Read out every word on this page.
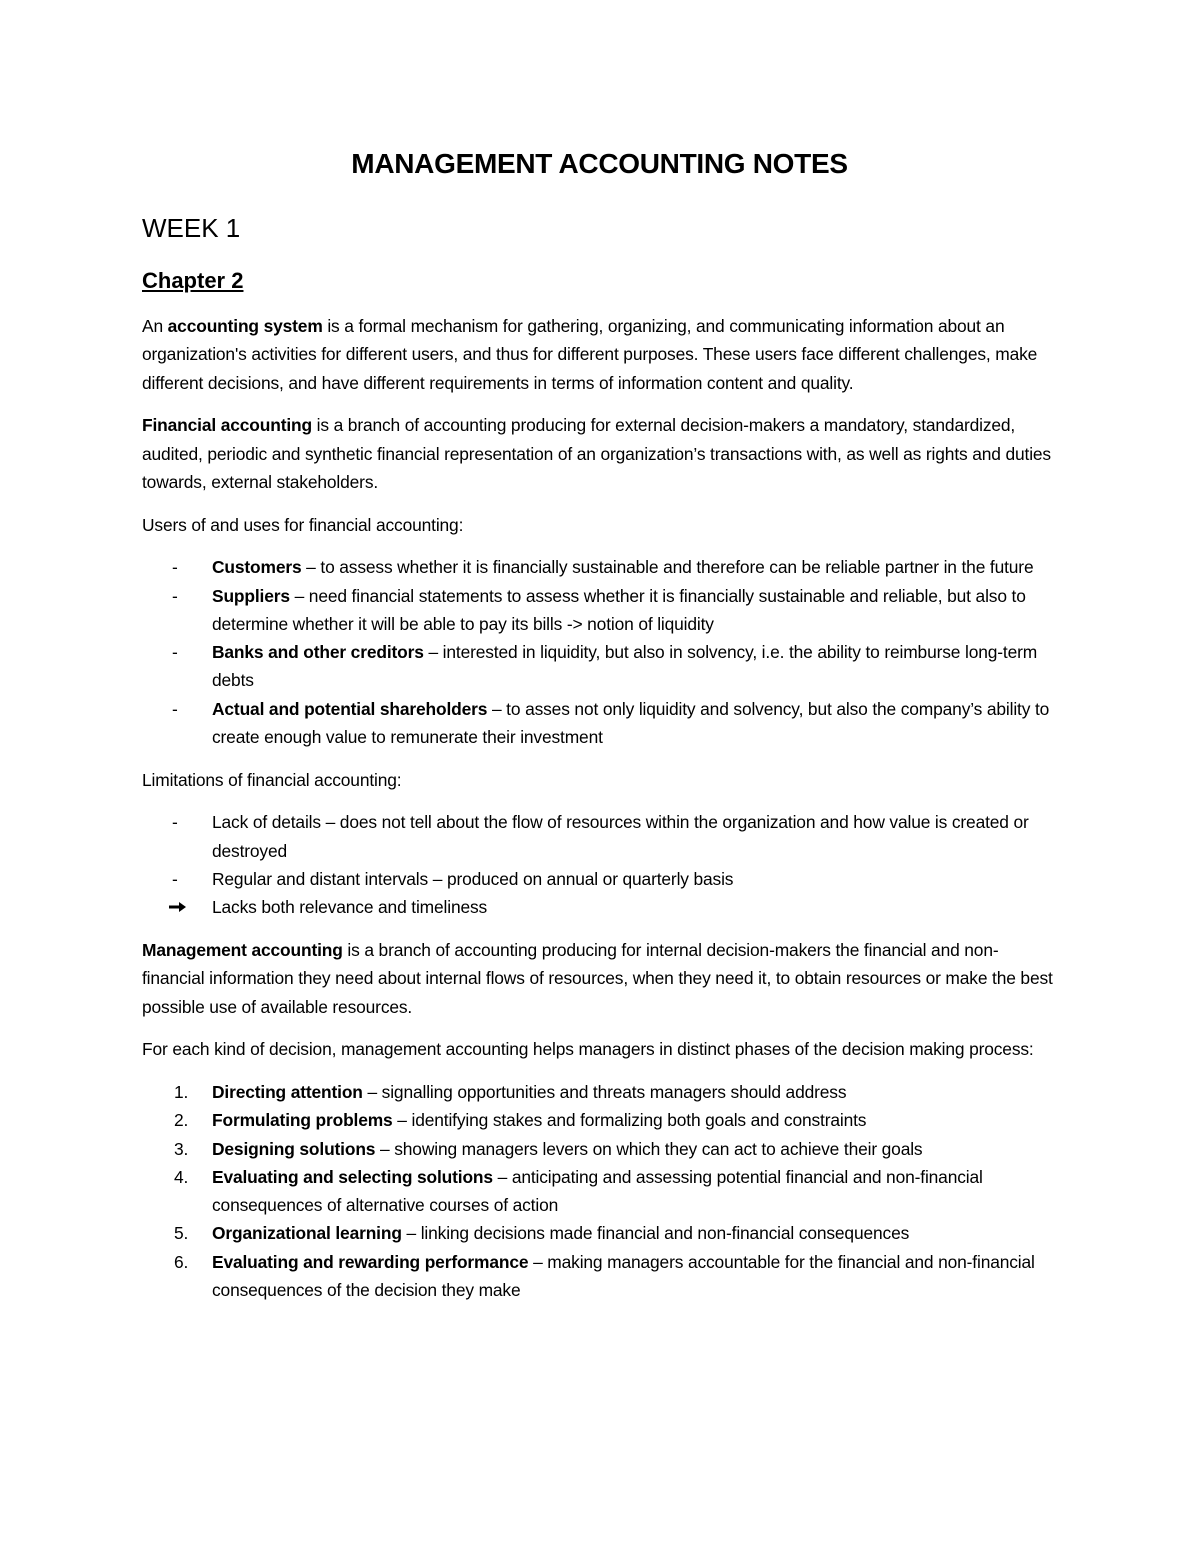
MANAGEMENT ACCOUNTING NOTES
WEEK 1
Chapter 2

An accounting system is a formal mechanism for gathering, organizing, and communicating information about an organization's activities for different users, and thus for different purposes. These users face different challenges, make different decisions, and have different requirements in terms of information content and quality.

Financial accounting is a branch of accounting producing for external decision-makers a mandatory, standardized, audited, periodic and synthetic financial representation of an organization’s transactions with, as well as rights and duties towards, external stakeholders.

Users of and uses for financial accounting:

- Customers – to assess whether it is financially sustainable and therefore can be reliable partner in the future
- Suppliers – need financial statements to assess whether it is financially sustainable and reliable, but also to determine whether it will be able to pay its bills -> notion of liquidity
- Banks and other creditors – interested in liquidity, but also in solvency, i.e. the ability to reimburse long-term debts
- Actual and potential shareholders – to asses not only liquidity and solvency, but also the company’s ability to create enough value to remunerate their investment

Limitations of financial accounting:

- Lack of details – does not tell about the flow of resources within the organization and how value is created or destroyed
- Regular and distant intervals – produced on annual or quarterly basis
Lacks both relevance and timeliness

Management accounting is a branch of accounting producing for internal decision-makers the financial and non-financial information they need about internal flows of resources, when they need it, to obtain resources or make the best possible use of available resources.

For each kind of decision, management accounting helps managers in distinct phases of the decision making process:

1. Directing attention – signalling opportunities and threats managers should address
2. Formulating problems – identifying stakes and formalizing both goals and constraints
3. Designing solutions – showing managers levers on which they can act to achieve their goals
4. Evaluating and selecting solutions – anticipating and assessing potential financial and non-financial consequences of alternative courses of action
5. Organizational learning – linking decisions made financial and non-financial consequences
6. Evaluating and rewarding performance – making managers accountable for the financial and non-financial consequences of the decision they make
